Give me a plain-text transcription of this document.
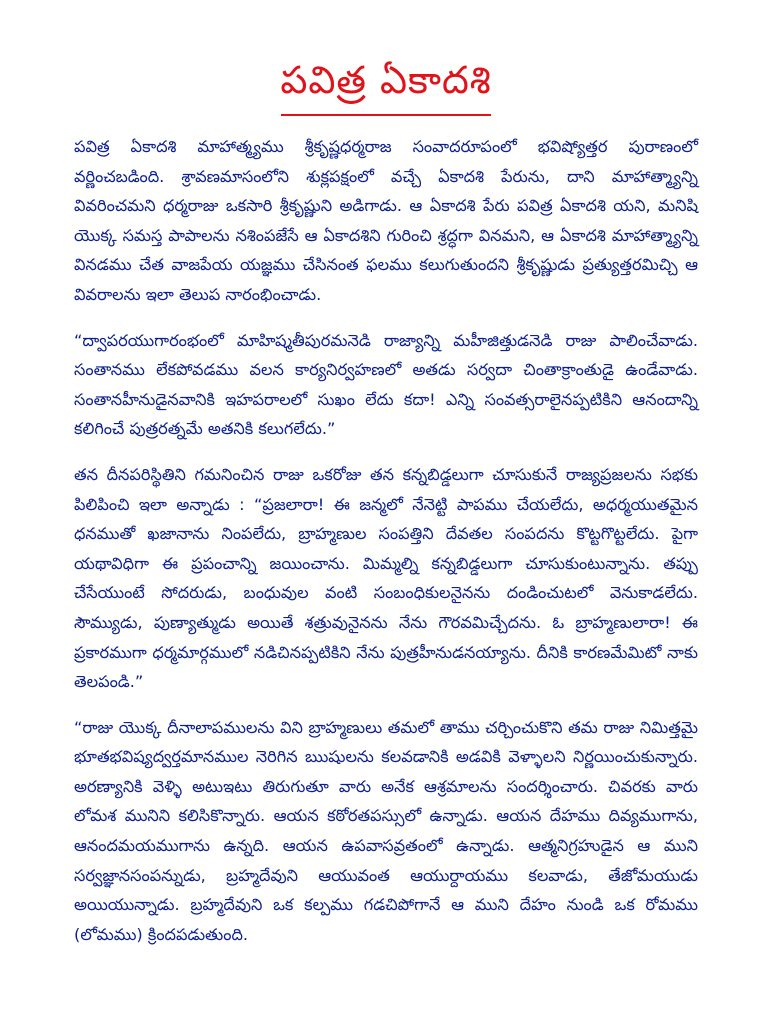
పవిత్ర ఏకాదశి

పవిత్ర ఏకాదశి మాహాత్మ్యము శ్రీకృష్ణధర్మరాజ సంవాదరూపంలో భవిష్యోత్తర పురాణంలో వర్ణించబడింది. శ్రావణమాసంలోని శుక్లపక్షంలో వచ్చే ఏకాదశి పేరును, దాని మాహాత్మ్యాన్ని వివరించమని ధర్మరాజు ఒకసారి శ్రీకృష్ణుని అడిగాడు. ఆ ఏకాదశి పేరు పవిత్ర ఏకాదశి యని, మనిషి యొక్క సమస్త పాపాలను నశింపజేసే ఆ ఏకాదశిని గురించి శ్రద్ధగా వినమని, ఆ ఏకాదశి మాహాత్మ్యాన్ని వినడము చేత వాజపేయ యజ్ఞము చేసినంత ఫలము కలుగుతుందని శ్రీకృష్ణుడు ప్రత్యుత్తరమిచ్చి ఆ వివరాలను ఇలా తెలుప నారంభించాడు.

“ద్వాపరయుగారంభంలో మాహిష్మతీపురమనెడి రాజ్యాన్ని మహీజిత్తుడనెడి రాజు పాలించేవాడు. సంతానము లేకపోవడము వలన కార్యనిర్వహణలో అతడు సర్వదా చింతాక్రాంతుడై ఉండేవాడు. సంతానహీనుడైనవానికి ఇహపరాలలో సుఖం లేదు కదా! ఎన్ని సంవత్సరాలైనప్పటికిని ఆనందాన్ని కలిగించే పుత్రరత్నమే అతనికి కలుగలేదు.”

తన దీనపరిస్థితిని గమనించిన రాజు ఒకరోజు తన కన్నబిడ్డలుగా చూసుకునే రాజ్యప్రజలను సభకు పిలిపించి ఇలా అన్నాడు : “ప్రజలారా! ఈ జన్మలో నేనెట్టి పాపము చేయలేదు, అధర్మయుతమైన ధనముతో ఖజానాను నింపలేదు, బ్రాహ్మణుల సంపత్తిని దేవతల సంపదను కొట్టగొట్టలేదు. పైగా యథావిధిగా ఈ ప్రపంచాన్ని జయించాను. మిమ్మల్ని కన్నబిడ్డలుగా చూసుకుంటున్నాను. తప్పు చేసేయుంటే సోదరుడు, బంధువుల వంటి సంబంధికులనైనను దండించుటలో వెనుకాడలేదు. సౌమ్యుడు, పుణ్యాత్ముడు అయితే శత్రువునైనను నేను గౌరవమిచ్చేదను. ఓ బ్రాహ్మణులారా! ఈ ప్రకారముగా ధర్మమార్గములో నడిచినప్పటికిని నేను పుత్రహీనుడనయ్యాను. దీనికి కారణమేమిటో నాకు తెలపండి.”

“రాజు యొక్క దీనాలాపములను విని బ్రాహ్మణులు తమలో తాము చర్చించుకొని తమ రాజు నిమిత్తమై భూతభవిష్యద్వర్తమానముల నెరిగిన ఋషులను కలవడానికి అడవికి వెళ్ళాలని నిర్ణయించుకున్నారు. అరణ్యానికి వెళ్ళి అటుఇటు తిరుగుతూ వారు అనేక ఆశ్రమాలను సందర్శించారు. చివరకు వారు లోమశ మునిని కలిసికొన్నారు. ఆయన కఠోరతపస్సులో ఉన్నాడు. ఆయన దేహము దివ్యముగాను, ఆనందమయముగాను ఉన్నది. ఆయన ఉపవాసవ్రతంలో ఉన్నాడు. ఆత్మనిగ్రహుడైన ఆ ముని సర్వజ్ఞానసంపన్నుడు, బ్రహ్మదేవుని ఆయువంత ఆయుర్దాయము కలవాడు, తేజోమయుడు అయియున్నాడు. బ్రహ్మదేవుని ఒక కల్పము గడచిపోగానే ఆ ముని దేహం నుండి ఒక రోమము (లోమము) క్రిందపడుతుంది.
